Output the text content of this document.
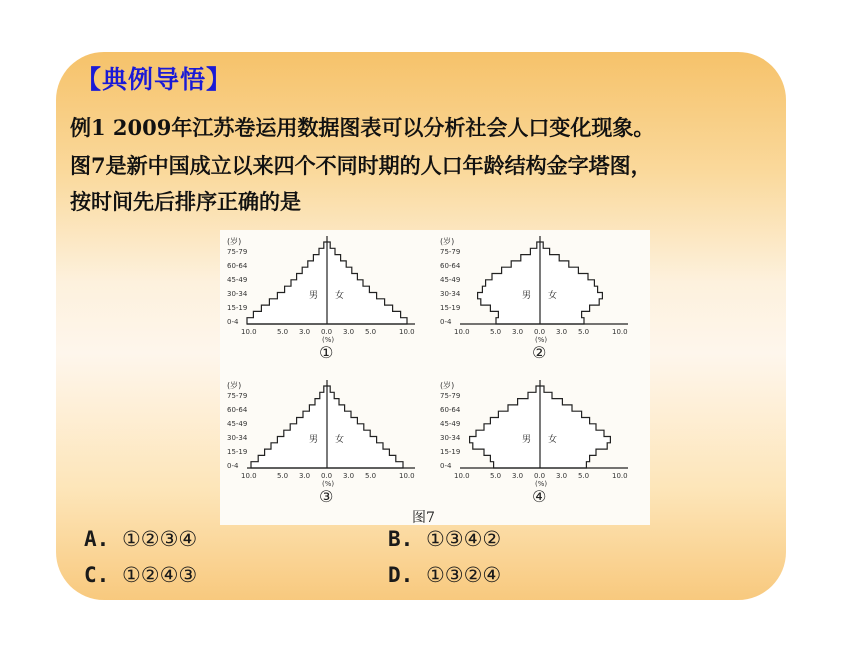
【典例导悟】
例1 2009年江苏卷运用数据图表可以分析社会人口变化现象。
图7是新中国成立以来四个不同时期的人口年龄结构金字塔图，
按时间先后排序正确的是
(岁)
75-79
60-64
45-49
30-34
15-19
0-4
男 女
10.0	5.0 3.0 0.0 3.0 5.0	10.0
(%)
①
(岁)
75-79
60-64
45-49
30-34
15-19
0-4
男 女
10.0	5.0 3.0 0.0 3.0 5.0	10.0
(%)
②
(岁)
75-79
60-64
45-49
30-34
15-19
0-4
男 女
10.0	5.0 3.0 0.0 3.0 5.0	10.0
(%)
③
(岁)
75-79
60-64
45-49
30-34
15-19
0-4
男 女
10.0	5.0 3.0 0.0 3.0 5.0	10.0
(%)
④
图7
A. ①②③④	B. ①③④②
C. ①②④③	D. ①③②④
